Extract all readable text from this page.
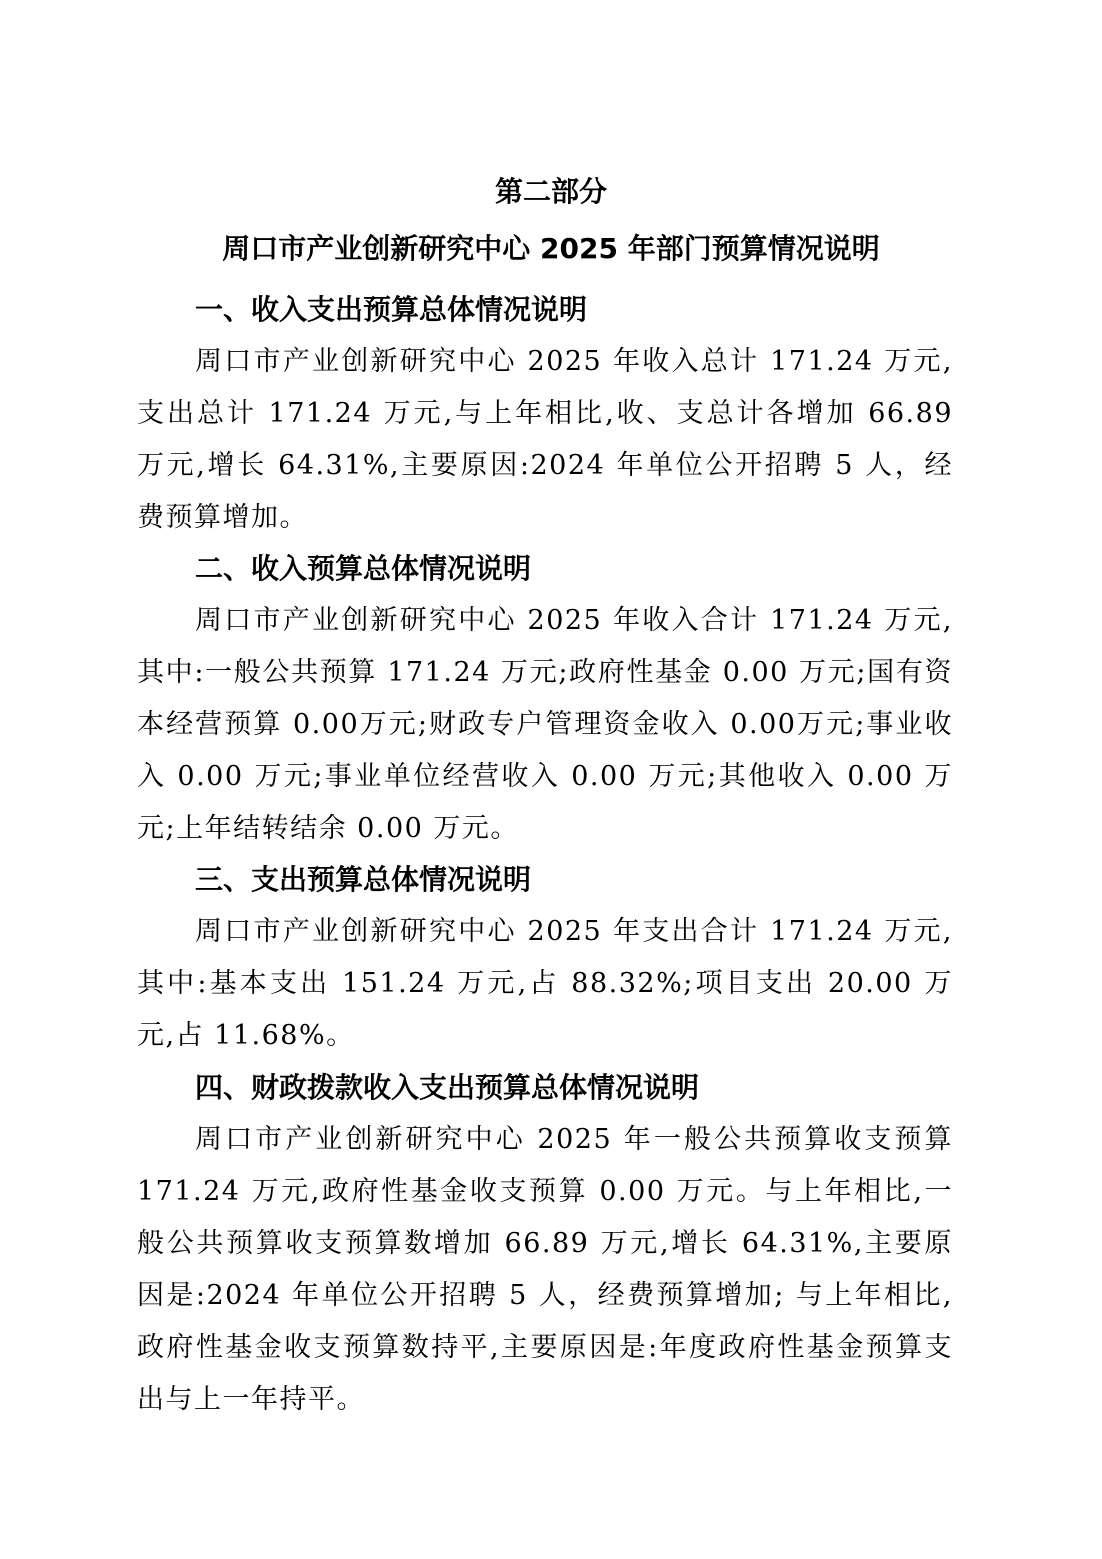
第二部分
周口市产业创新研究中心 2025 年部门预算情况说明
一、收入支出预算总体情况说明

周口市产业创新研究中心 2025 年收入总计 171.24 万元,支出总计 171.24 万元,与上年相比,收、支总计各增加 66.89 万元,增长 64.31%,主要原因:2024 年单位公开招聘 5 人，经费预算增加。

二、收入预算总体情况说明

周口市产业创新研究中心 2025 年收入合计 171.24 万元,其中:一般公共预算 171.24 万元;政府性基金 0.00 万元;国有资本经营预算 0.00万元;财政专户管理资金收入 0.00万元;事业收入 0.00 万元;事业单位经营收入 0.00 万元;其他收入 0.00 万元;上年结转结余 0.00 万元。

三、支出预算总体情况说明

周口市产业创新研究中心 2025 年支出合计 171.24 万元,其中:基本支出 151.24 万元,占 88.32%;项目支出 20.00 万元,占 11.68%。

四、财政拨款收入支出预算总体情况说明

周口市产业创新研究中心 2025 年一般公共预算收支预算 171.24 万元,政府性基金收支预算 0.00 万元。与上年相比,一般公共预算收支预算数增加 66.89 万元,增长 64.31%,主要原因是:2024 年单位公开招聘 5 人，经费预算增加; 与上年相比,政府性基金收支预算数持平,主要原因是:年度政府性基金预算支出与上一年持平。
